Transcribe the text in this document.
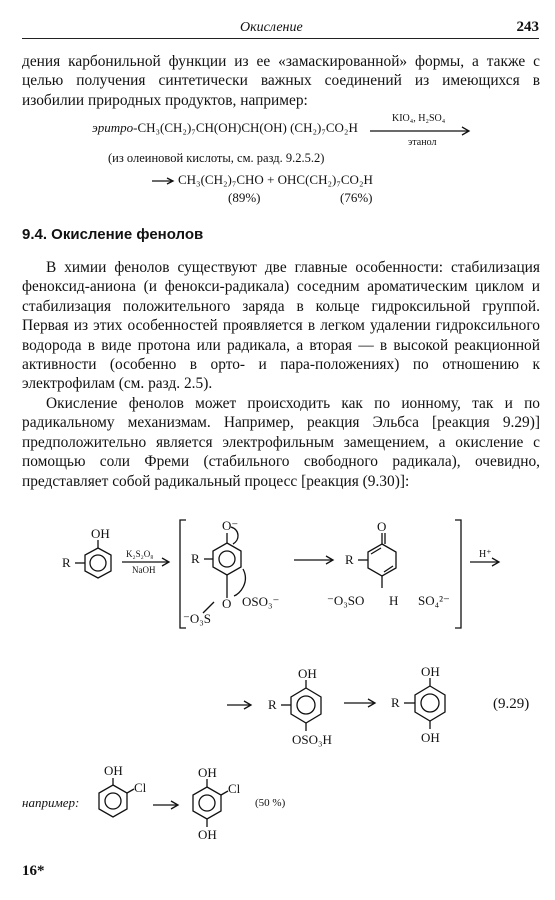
Окисление	243
дения карбонильной функции из ее «замаскированной» формы, а также с целью получения синтетически важных соединений из имеющихся в изобилии природных продуктов, например:
эритро-CH₃(CH₂)₇CH(OH)CH(OH) (CH₂)₇CO₂H
KIO₄, H₂SO₄
этанол
(из олеиновой кислоты, см. разд. 9.2.5.2)
CH₃(CH₂)₇CHO + OHC(CH₂)₇CO₂H
(89%)	(76%)
9.4. Окисление фенолов
В химии фенолов существуют две главные особенности: стабилизация феноксид-аниона (и фенокси-радикала) соседним ароматическим циклом и стабилизация положительного заряда в кольце гидроксильной группой. Первая из этих особенностей проявляется в легком удалении гидроксильного водорода в виде протона или радикала, а вторая — в высокой реакционной активности (особенно в орто- и пара-положениях) по отношению к электрофилам (см. разд. 2.5).
Окисление фенолов может происходить как по ионному, так и по радикальному механизмам. Например, реакция Эльбса [реакция 9.29)] предположительно является электрофильным замещением, а окисление с помощью соли Фреми (стабильного свободного радикала), очевидно, представляет собой радикальный процесс [реакция (9.30)]:
OH
R
K₂S₂O₈
NaOH
O⁻
R
O OSO₃⁻
⁻O₃S
O
R
⁻O₃SO H SO₄²⁻
H⁺
OH
R
OSO₃H
OH
R
OH
(9.29)
например:
OH
Cl
OH
Cl
OH
(50 %)
16*
